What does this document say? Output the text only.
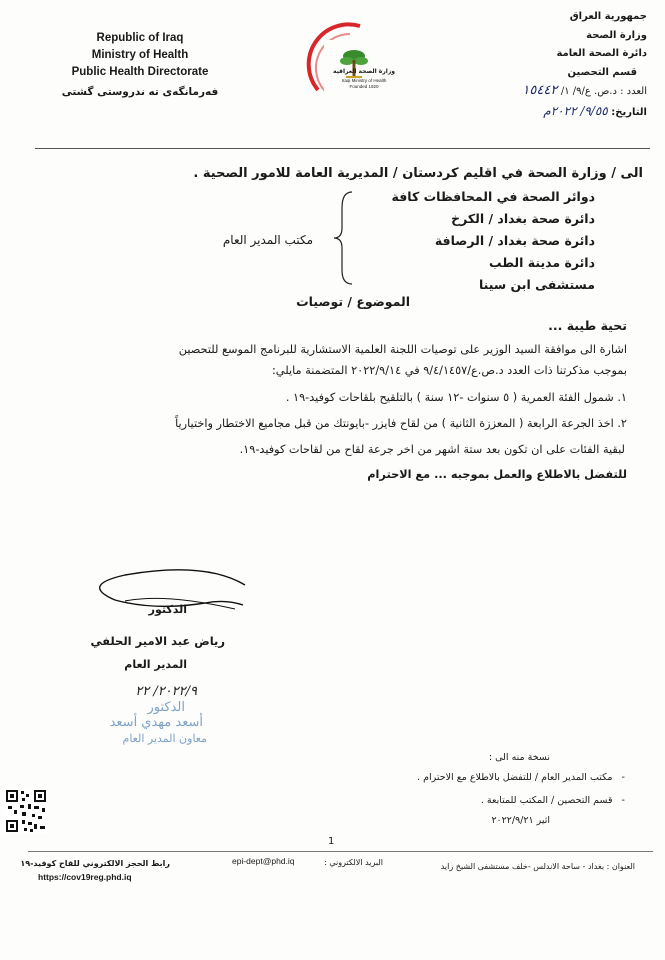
Republic of Iraq
Ministry of Health
Public Health Directorate
فەرمانگەی تە ندروستی گشتی
وزارة الصحة العراقية
Iraqi Ministry of Health
Founded 1920
جمهورية العراق
وزارة الصحة
دائرة الصحة العامة
قسم التحصين
العدد : د.ص. ع/٩/ ١/ ١٥٤٤٢
التاريخ: ٩/٥٥/ ٢٠٢٢م
الى / وزارة الصحة في اقليم كردستان / المديرية العامة للامور الصحية .
دوائر الصحة في المحافظات كافة
دائرة صحة بغداد / الكرخ
دائرة صحة بغداد / الرصافة
دائرة مدينة الطب
مستشفى ابن سينا
مكتب المدير العام
الموضوع / توصيات
تحية طيبة ...
اشارة الى موافقة السيد الوزير على توصيات اللجنة العلمية الاستشارية للبرنامج الموسع للتحصين
بموجب مذكرتنا ذات العدد د.ص.ع/٩/٤/١٤٥٧ في ٢٠٢٢/٩/١٤ المتضمنة مايلي:
١. شمول الفئة العمرية ( ٥ سنوات -١٢ سنة ) بالتلقيح بلقاحات كوفيد-١٩ .
٢. اخذ الجرعة الرابعة ( المعززة الثانية ) من لقاح فايزر -بايونتك من قبل مجاميع الاختطار واختيارياً
لبقية الفئات على ان تكون بعد ستة اشهر من اخر جرعة لقاح من لقاحات كوفيد-١٩.
للتفضل بالاطلاع والعمل بموجبه ... مع الاحترام
الدكتور
رياض عبد الامير الحلفي
المدير العام
٢٠٢٢/٩/ ٢٢
الدكتور
أسعد مهدي أسعد
معاون المدير العام
نسخة منه الى :
-   مكتب المدير العام / للتفضل بالاطلاع مع الاحترام .
-   قسم التحصين / المكتب للمتابعة .
اثير ٢٠٢٢/٩/٢١
1
العنوان : بغداد - ساحة الاندلس -خلف مستشفى الشيخ زايد
البريد الالكتروني :
epi-dept@phd.iq
رابط الحجز الالكتروني للقاح كوفيد-١٩
https://cov19reg.phd.iq
